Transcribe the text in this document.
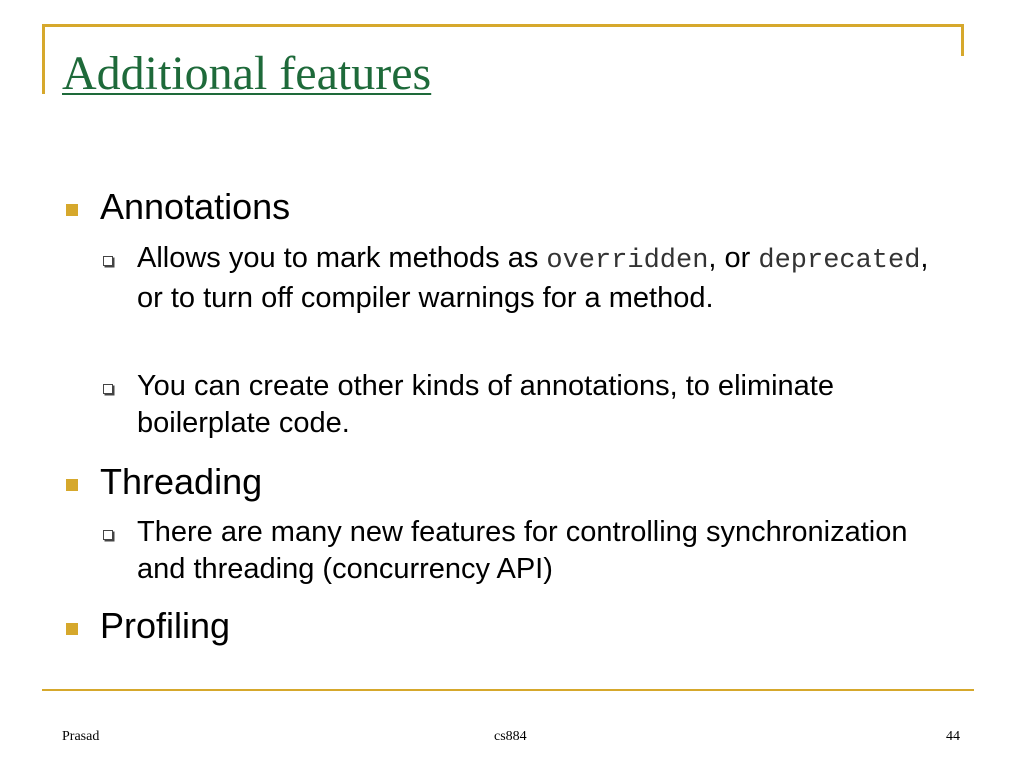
Additional features
Annotations
Allows you to mark methods as overridden, or deprecated, or to turn off compiler warnings for a method.
You can create other kinds of annotations, to eliminate boilerplate code.
Threading
There are many new features for controlling synchronization and threading (concurrency API)
Profiling
Prasad	cs884	44
